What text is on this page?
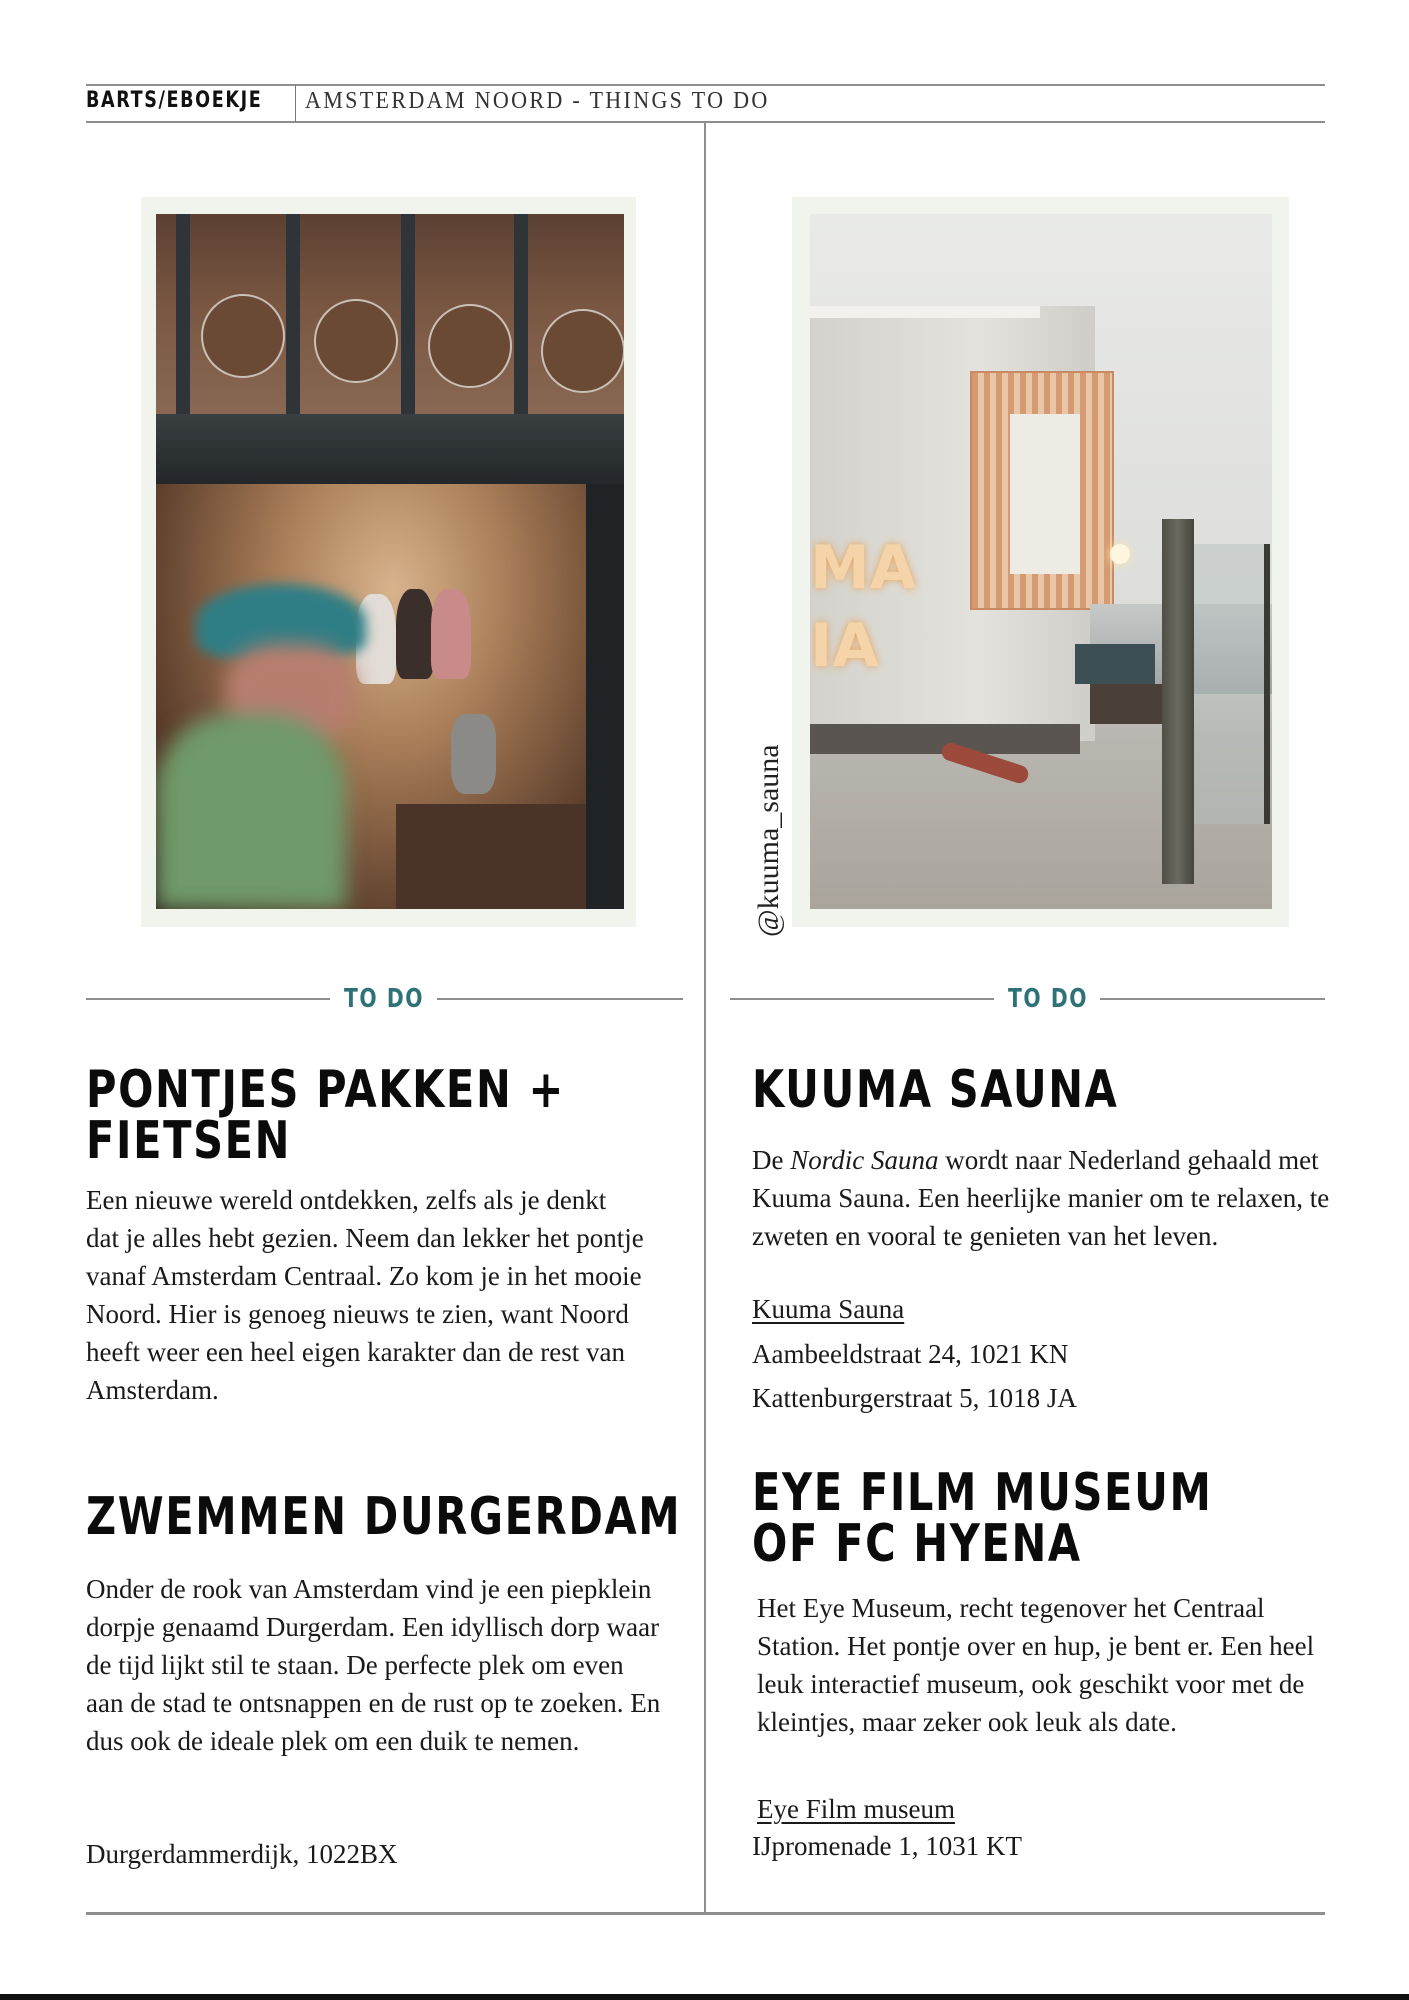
BARTS/EBOEKJE AMSTERDAM NOORD - THINGS TO DO
MA
IA
@kuuma_sauna
TO DO	TO DO
PONTJES PAKKEN +
FIETSEN
Een nieuwe wereld ontdekken, zelfs als je denkt dat je alles hebt gezien. Neem dan lekker het pontje vanaf Amsterdam Centraal. Zo kom je in het mooie Noord. Hier is genoeg nieuws te zien, want Noord heeft weer een heel eigen karakter dan de rest van Amsterdam.
ZWEMMEN DURGERDAM
Onder de rook van Amsterdam vind je een piepklein dorpje genaamd Durgerdam. Een idyllisch dorp waar de tijd lijkt stil te staan. De perfecte plek om even aan de stad te ontsnappen en de rust op te zoeken. En dus ook de ideale plek om een duik te nemen.
Durgerdammerdijk, 1022BX
KUUMA SAUNA
De Nordic Sauna wordt naar Nederland gehaald met Kuuma Sauna. Een heerlijke manier om te relaxen, te zweten en vooral te genieten van het leven.
Kuuma Sauna
Aambeeldstraat 24, 1021 KN
Kattenburgerstraat 5, 1018 JA
EYE FILM MUSEUM
OF FC HYENA
Het Eye Museum, recht tegenover het Centraal Station. Het pontje over en hup, je bent er. Een heel leuk interactief museum, ook geschikt voor met de kleintjes, maar zeker ook leuk als date.
Eye Film museum
IJpromenade 1, 1031 KT
